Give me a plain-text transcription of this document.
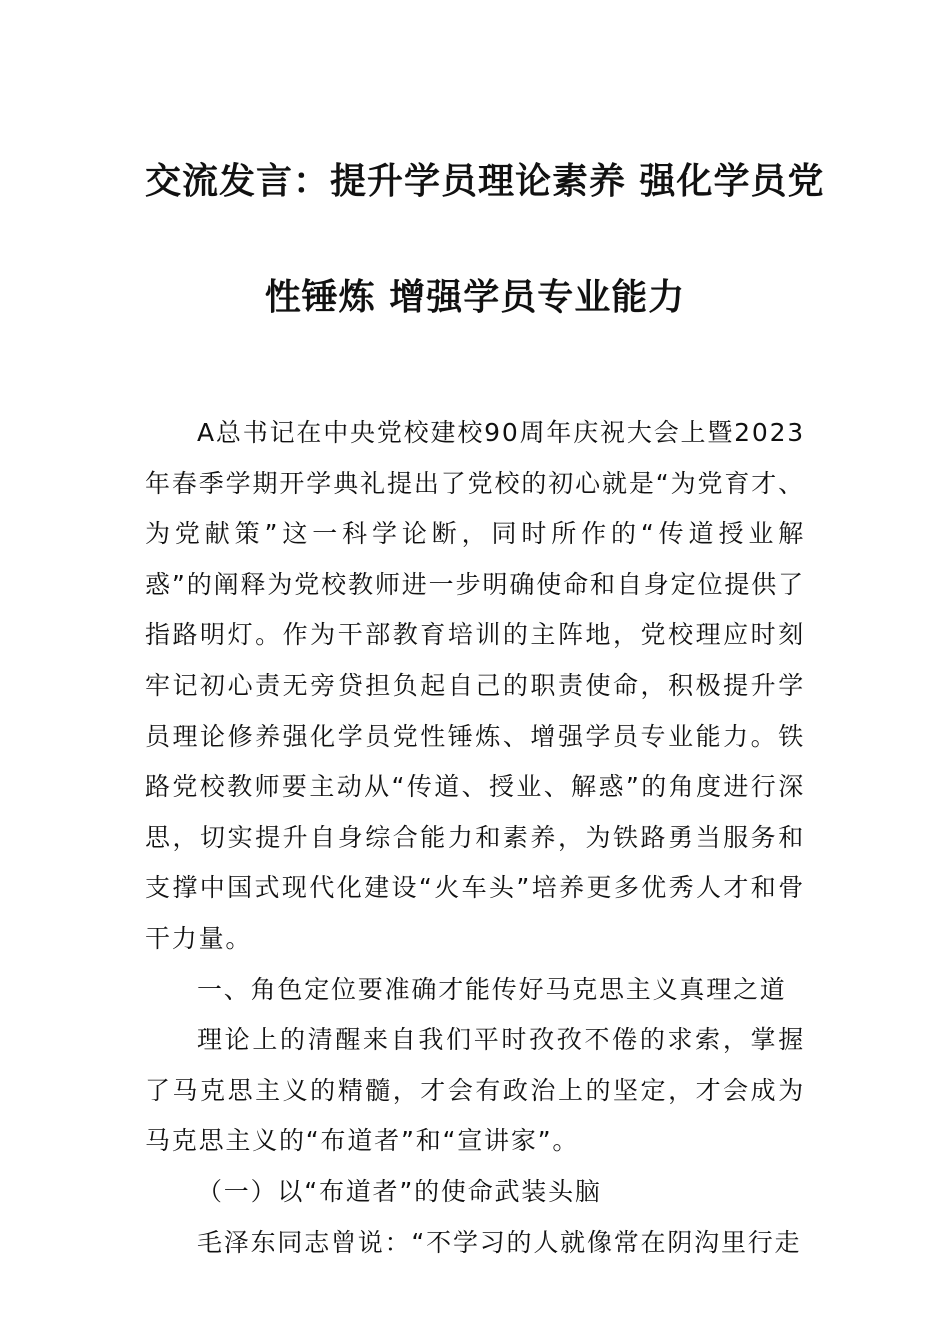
交流发言：提升学员理论素养 强化学员党
性锤炼 增强学员专业能力

A总书记在中央党校建校90周年庆祝大会上暨2023年春季学期开学典礼提出了党校的初心就是“为党育才、为党献策”这一科学论断，同时所作的“传道授业解惑”的阐释为党校教师进一步明确使命和自身定位提供了指路明灯。作为干部教育培训的主阵地，党校理应时刻牢记初心责无旁贷担负起自己的职责使命，积极提升学员理论修养强化学员党性锤炼、增强学员专业能力。铁路党校教师要主动从“传道、授业、解惑”的角度进行深思，切实提升自身综合能力和素养，为铁路勇当服务和支撑中国式现代化建设“火车头”培养更多优秀人才和骨干力量。

一、角色定位要准确才能传好马克思主义真理之道

理论上的清醒来自我们平时孜孜不倦的求索，掌握了马克思主义的精髓，才会有政治上的坚定，才会成为马克思主义的“布道者”和“宣讲家”。

（一）以“布道者”的使命武装头脑

毛泽东同志曾说：“不学习的人就像常在阴沟里行走
